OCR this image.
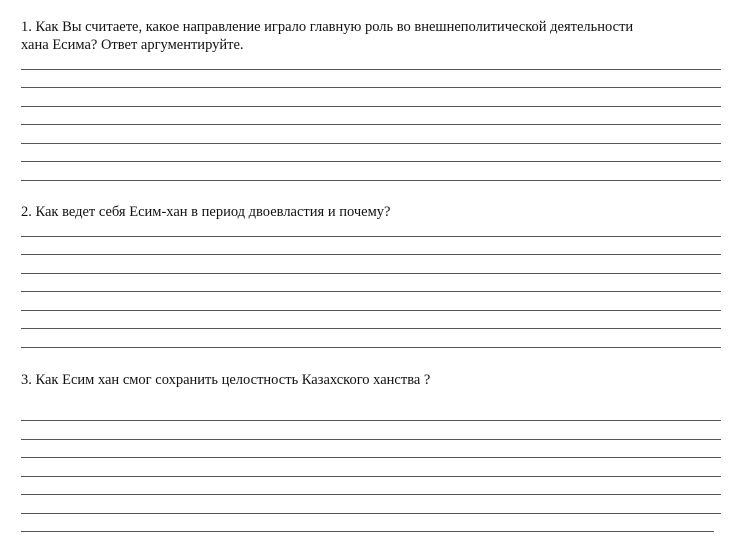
1. Как Вы считаете, какое направление играло главную роль во внешнеполитической деятельности
хана Есима? Ответ аргументируйте.
2. Как ведет себя Есим-хан в период двоевластия и почему?
3. Как Есим хан смог сохранить целостность Казахского ханства ?
